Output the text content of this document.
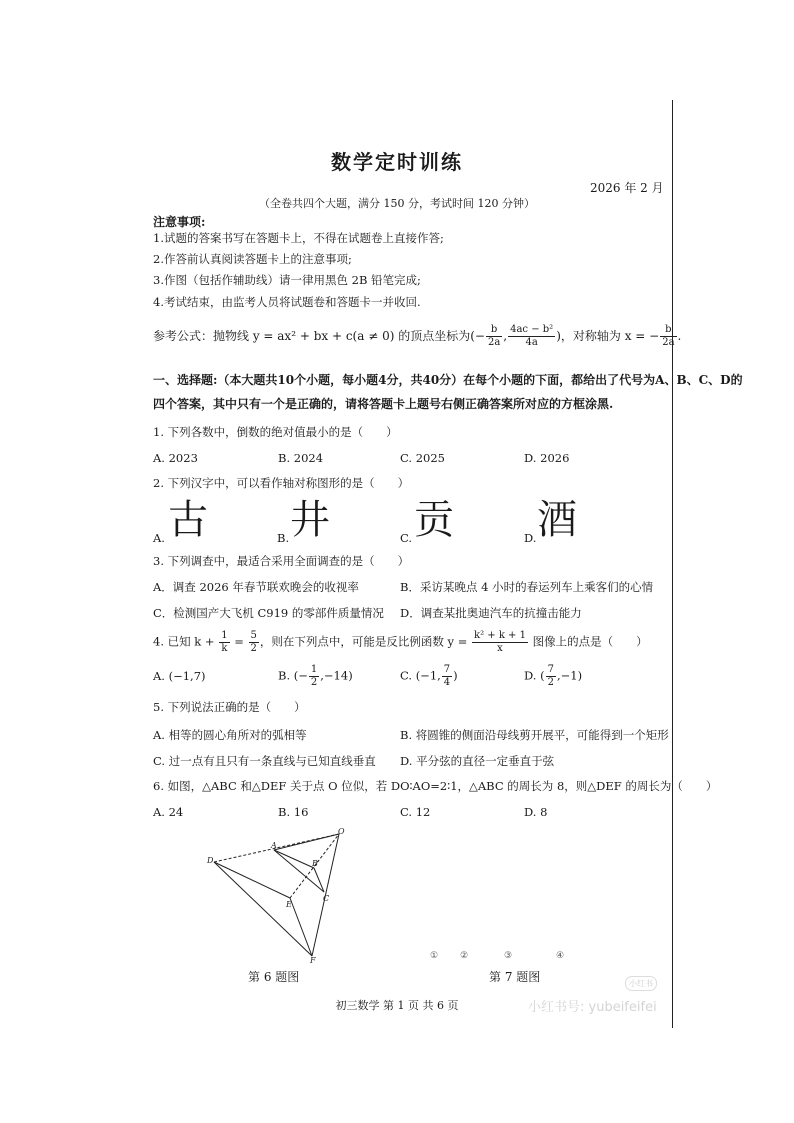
数学定时训练
2026 年 2 月
（全卷共四个大题，满分 150 分，考试时间 120 分钟）
注意事项:
1.试题的答案书写在答题卡上，不得在试题卷上直接作答;
2.作答前认真阅读答题卡上的注意事项;
3.作图（包括作辅助线）请一律用黑色 2B 铅笔完成;
4.考试结束，由监考人员将试题卷和答题卡一并收回.
参考公式：抛物线 y = ax² + bx + c(a ≠ 0) 的顶点坐标为(− $\frac{b}{2a}$ , $\frac{\text{4ac − b²}}{4a}$ )，对称轴为 x = − $\frac{b}{2a}$ .
一、选择题:（本大题共10个小题，每小题4分，共40分）在每个小题的下面，都给出了代号为A、B、C、D的
四个答案，其中只有一个是正确的，请将答题卡上题号右侧正确答案所对应的方框涂黑.
1. 下列各数中，倒数的绝对值最小的是（　　）
A. 2023	B. 2024	C. 2025	D. 2026
2. 下列汉字中，可以看作轴对称图形的是（　　）
A. 古	B. 井	C. 贡	D. 酒
3. 下列调查中，最适合采用全面调查的是（　　）
A．调查 2026 年春节联欢晚会的收视率	B．采访某晚点 4 小时的春运列车上乘客们的心情
C．检测国产大飞机 C919 的零部件质量情况 D．调查某批奥迪汽车的抗撞击能力
4. 已知 $k + \frac{1}{k} = \frac{5}{2}$ ，则在下列点中，可能是反比例函数 $y = \frac{\text{k² + k + 1}}{x}$ 图像上的点是（　　）
A. (−1,7)	B. (− $\frac{1}{2} ,-14$)	C. (−1, $\frac{7}{4}$ )	D. ( $\frac{7}{2} ,-1$)
5. 下列说法正确的是（　　）
A. 相等的圆心角所对的弧相等	B. 将圆锥的侧面沿母线剪开展平，可能得到一个矩形
C. 过一点有且只有一条直线与已知直线垂直 D. 平分弦的直径一定垂直于弦
6. 如图，△ABC 和△DEF 关于点 O 位似，若 DO∶AO=2∶1，△ABC 的周长为 8，则△DEF 的周长为（　　）
A. 24	B. 16	C. 12	D. 8
O
A
B
D
E
C
F
第 6 题图
① ②	③	④
第 7 题图
初三数学 第 1 页 共 6 页
小红书
小红书号: yubeifeifei
